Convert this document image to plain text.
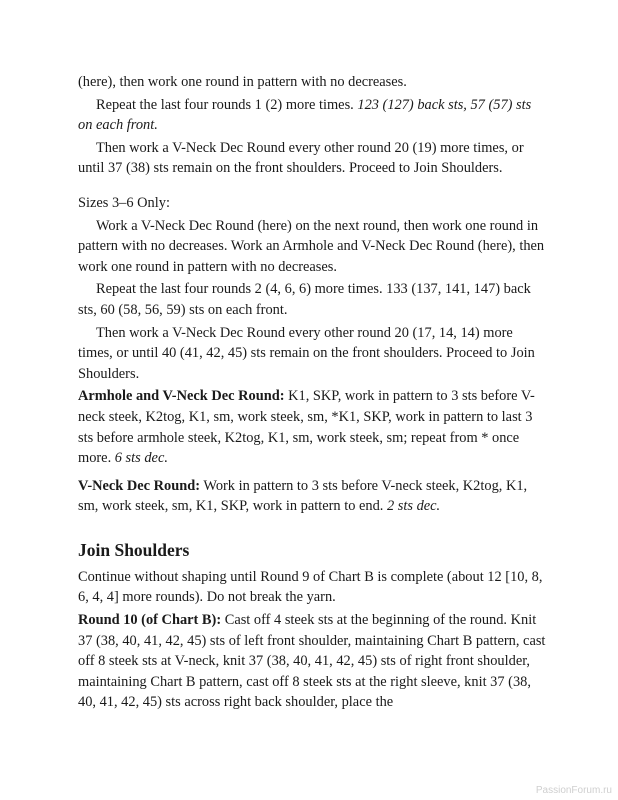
(here), then work one round in pattern with no decreases.

Repeat the last four rounds 1 (2) more times. 123 (127) back sts, 57 (57) sts on each front.

Then work a V-Neck Dec Round every other round 20 (19) more times, or until 37 (38) sts remain on the front shoulders. Proceed to Join Shoulders.

Sizes 3–6 Only:

Work a V-Neck Dec Round (here) on the next round, then work one round in pattern with no decreases. Work an Armhole and V-Neck Dec Round (here), then work one round in pattern with no decreases.

Repeat the last four rounds 2 (4, 6, 6) more times. 133 (137, 141, 147) back sts, 60 (58, 56, 59) sts on each front.

Then work a V-Neck Dec Round every other round 20 (17, 14, 14) more times, or until 40 (41, 42, 45) sts remain on the front shoulders. Proceed to Join Shoulders.

Armhole and V-Neck Dec Round: K1, SKP, work in pattern to 3 sts before V-neck steek, K2tog, K1, sm, work steek, sm, *K1, SKP, work in pattern to last 3 sts before armhole steek, K2tog, K1, sm, work steek, sm; repeat from * once more. 6 sts dec.

V-Neck Dec Round: Work in pattern to 3 sts before V-neck steek, K2tog, K1, sm, work steek, sm, K1, SKP, work in pattern to end. 2 sts dec.

Join Shoulders

Continue without shaping until Round 9 of Chart B is complete (about 12 [10, 8, 6, 4, 4] more rounds). Do not break the yarn.

Round 10 (of Chart B): Cast off 4 steek sts at the beginning of the round. Knit 37 (38, 40, 41, 42, 45) sts of left front shoulder, maintaining Chart B pattern, cast off 8 steek sts at V-neck, knit 37 (38, 40, 41, 42, 45) sts of right front shoulder, maintaining Chart B pattern, cast off 8 steek sts at the right sleeve, knit 37 (38, 40, 41, 42, 45) sts across right back shoulder, place the

PassionForum.ru
